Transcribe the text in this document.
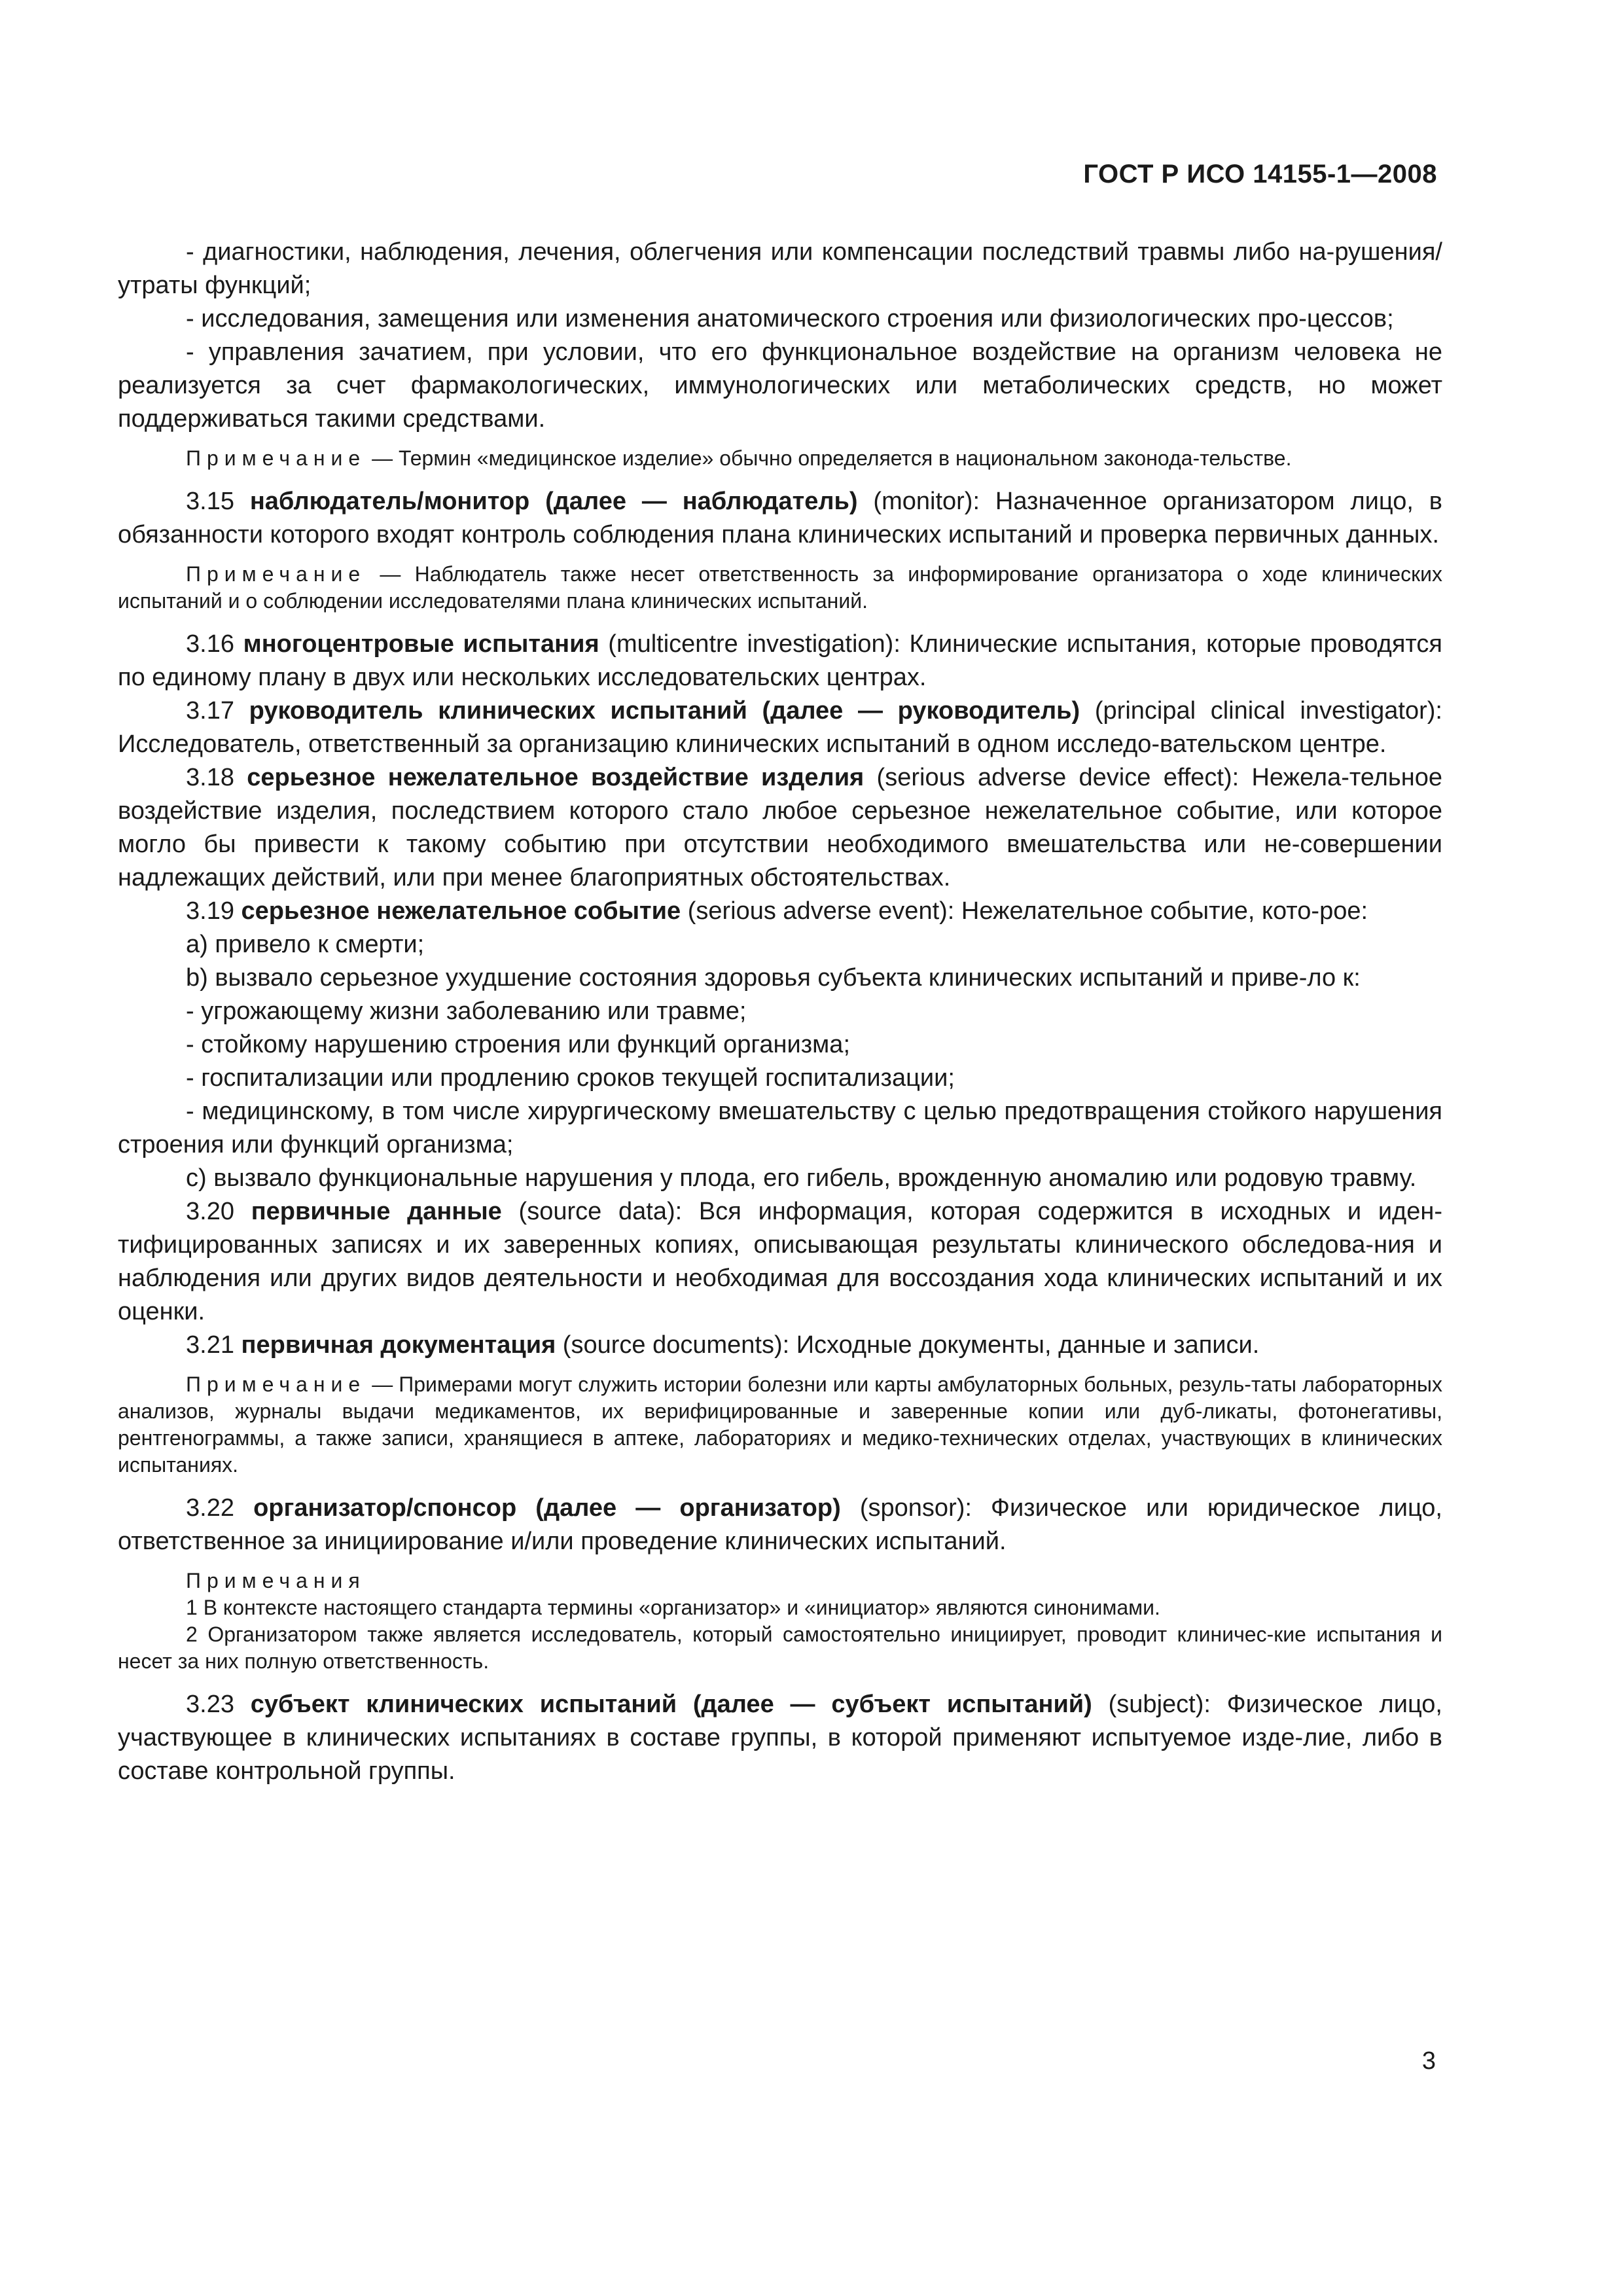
ГОСТ Р ИСО 14155-1—2008

- диагностики, наблюдения, лечения, облегчения или компенсации последствий травмы либо на-рушения/утраты функций;

- исследования, замещения или изменения анатомического строения или физиологических про-цессов;

- управления зачатием, при условии, что его функциональное воздействие на организм человека не реализуется за счет фармакологических, иммунологических или метаболических средств, но может поддерживаться такими средствами.

Примечание — Термин «медицинское изделие» обычно определяется в национальном законода-тельстве.

3.15 наблюдатель/монитор (далее — наблюдатель) (monitor): Назначенное организатором лицо, в обязанности которого входят контроль соблюдения плана клинических испытаний и проверка первичных данных.

Примечание — Наблюдатель также несет ответственность за информирование организатора о ходе клинических испытаний и о соблюдении исследователями плана клинических испытаний.

3.16 многоцентровые испытания (multicentre investigation): Клинические испытания, которые проводятся по единому плану в двух или нескольких исследовательских центрах.

3.17 руководитель клинических испытаний (далее — руководитель) (principal clinical investigator): Исследователь, ответственный за организацию клинических испытаний в одном исследо-вательском центре.

3.18 серьезное нежелательное воздействие изделия (serious adverse device effect): Нежела-тельное воздействие изделия, последствием которого стало любое серьезное нежелательное событие, или которое могло бы привести к такому событию при отсутствии необходимого вмешательства или не-совершении надлежащих действий, или при менее благоприятных обстоятельствах.

3.19 серьезное нежелательное событие (serious adverse event): Нежелательное событие, кото-рое:

a) привело к смерти;

b) вызвало серьезное ухудшение состояния здоровья субъекта клинических испытаний и приве-ло к:

- угрожающему жизни заболеванию или травме;

- стойкому нарушению строения или функций организма;

- госпитализации или продлению сроков текущей госпитализации;

- медицинскому, в том числе хирургическому вмешательству с целью предотвращения стойкого нарушения строения или функций организма;

c) вызвало функциональные нарушения у плода, его гибель, врожденную аномалию или родовую травму.

3.20 первичные данные (source data): Вся информация, которая содержится в исходных и иден-тифицированных записях и их заверенных копиях, описывающая результаты клинического обследова-ния и наблюдения или других видов деятельности и необходимая для воссоздания хода клинических испытаний и их оценки.

3.21 первичная документация (source documents): Исходные документы, данные и записи.

Примечание — Примерами могут служить истории болезни или карты амбулаторных больных, резуль-таты лабораторных анализов, журналы выдачи медикаментов, их верифицированные и заверенные копии или дуб-ликаты, фотонегативы, рентгенограммы, а также записи, хранящиеся в аптеке, лабораториях и медико-технических отделах, участвующих в клинических испытаниях.

3.22 организатор/спонсор (далее — организатор) (sponsor): Физическое или юридическое лицо, ответственное за инициирование и/или проведение клинических испытаний.

Примечания

1 В контексте настоящего стандарта термины «организатор» и «инициатор» являются синонимами.

2 Организатором также является исследователь, который самостоятельно инициирует, проводит клиничес-кие испытания и несет за них полную ответственность.

3.23 субъект клинических испытаний (далее — субъект испытаний) (subject): Физическое лицо, участвующее в клинических испытаниях в составе группы, в которой применяют испытуемое изде-лие, либо в составе контрольной группы.

3
